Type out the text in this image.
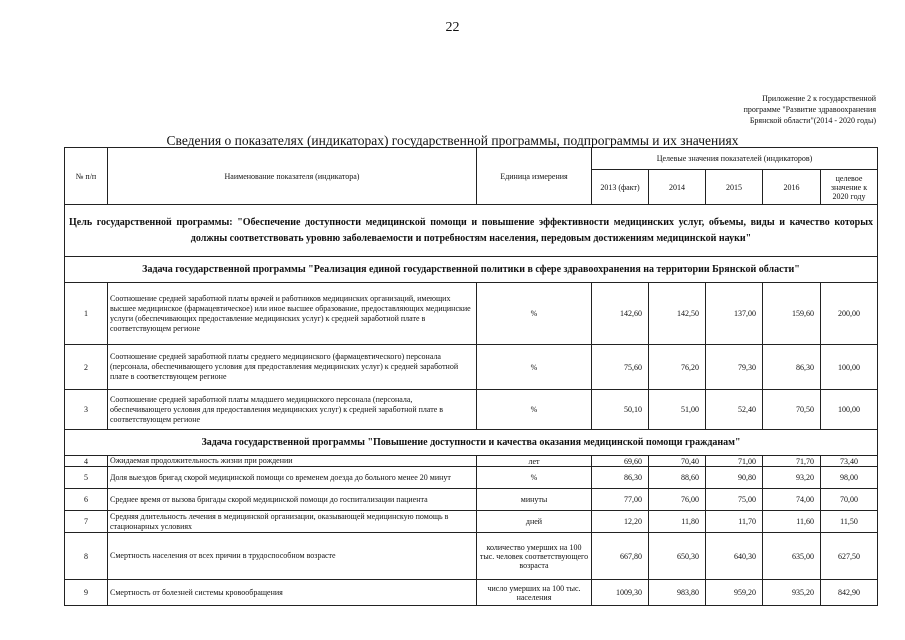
22
Приложение 2 к государственной
программе "Развитие здравоохранения
Брянской области"(2014 - 2020 годы)
Сведения о показателях (индикаторах) государственной программы, подпрограммы и их значениях
№ п/п	Наименование показателя (индикатора)	Единица измерения	Целевые значения показателей (индикаторов)				
			2013 (факт)	2014	2015	2016	целевое значение к 2020 году
Цель государственной программы: "Обеспечение доступности медицинской помощи и повышение эффективности медицинских услуг, объемы, виды и качество которых должны соответствовать уровню заболеваемости и потребностям населения, передовым достижениям медицинской науки"							
Задача государственной программы "Реализация единой государственной политики в сфере здравоохранения на территории Брянской области"							
1	Соотношение средней заработной платы врачей и работников медицинских организаций, имеющих высшее медицинское (фармацевтическое) или иное высшее образование, предоставляющих медицинские услуги (обеспечивающих предоставление медицинских услуг) к средней заработной плате в соответствующем регионе	%	142,60	142,50	137,00	159,60	200,00
2	Соотношение средней заработной платы среднего медицинского (фармацевтического) персонала (персонала, обеспечивающего условия для предоставления медицинских услуг) к средней заработной плате в соответствующем регионе	%	75,60	76,20	79,30	86,30	100,00
3	Соотношение средней заработной платы младшего медицинского персонала (персонала, обеспечивающего условия для предоставления медицинских услуг) к средней заработной плате в соответствующем регионе	%	50,10	51,00	52,40	70,50	100,00
Задача государственной программы "Повышение доступности и качества оказания медицинской помощи гражданам"							
4	Ожидаемая продолжительность жизни при рождении	лет	69,60	70,40	71,00	71,70	73,40
5	Доля выездов бригад скорой медицинской помощи со временем доезда до больного менее 20 минут	%	86,30	88,60	90,80	93,20	98,00
6	Среднее время от вызова бригады скорой медицинской помощи до госпитализации пациента	минуты	77,00	76,00	75,00	74,00	70,00
7	Средняя длительность лечения в медицинской организации, оказывающей медицинскую помощь в стационарных условиях	дней	12,20	11,80	11,70	11,60	11,50
8	Смертность населения от всех причин в трудоспособном возрасте	количество умерших на 100 тыс. человек соответствующего возраста	667,80	650,30	640,30	635,00	627,50
9	Смертность от болезней системы кровообращения	число умерших на 100 тыс. населения	1009,30	983,80	959,20	935,20	842,90
